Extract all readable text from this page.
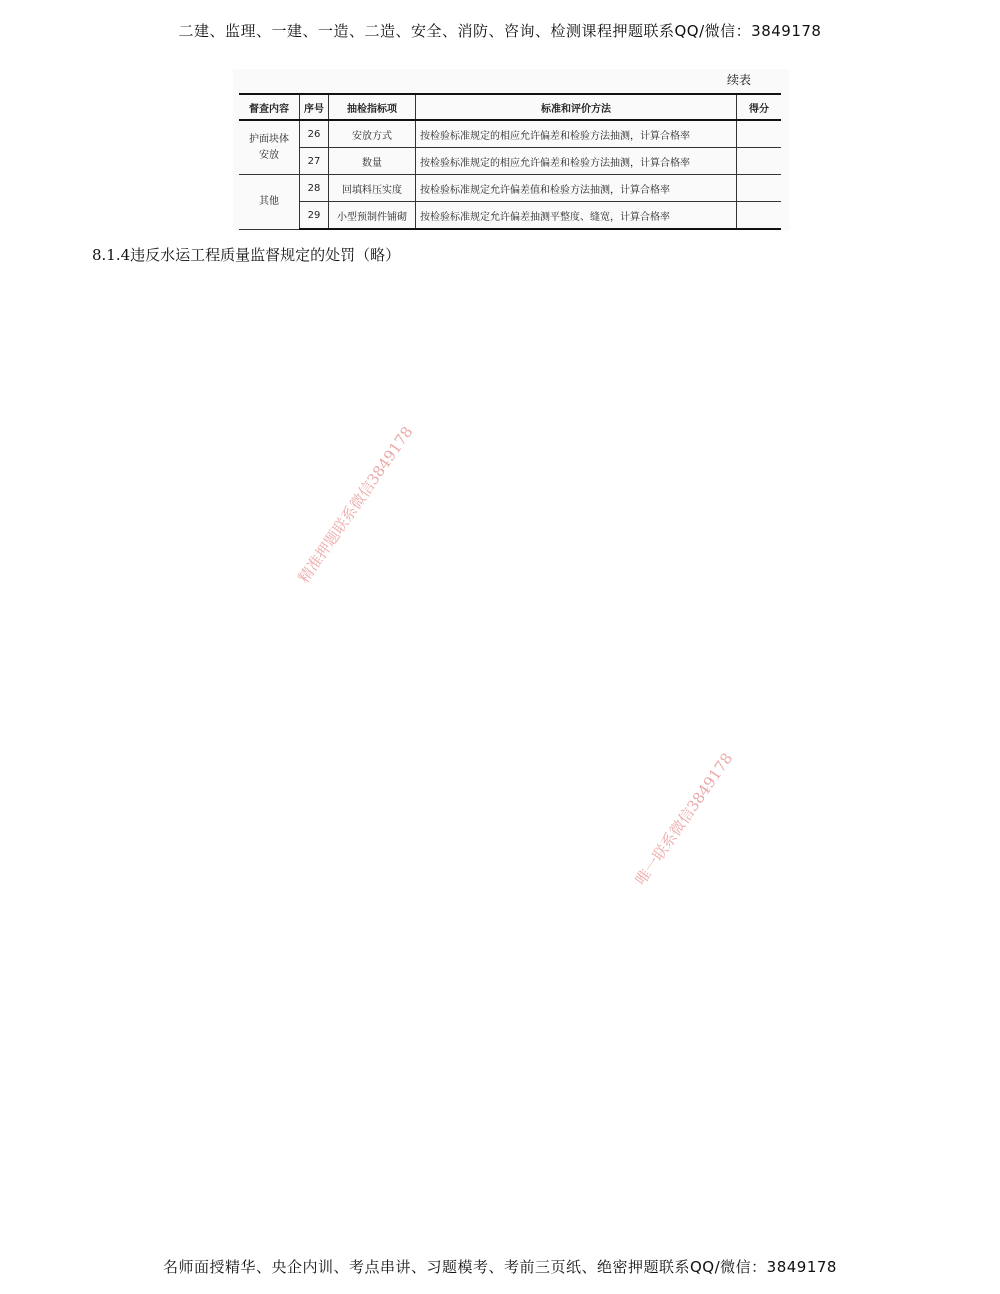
二建、监理、一建、一造、二造、安全、消防、咨询、检测课程押题联系QQ/微信：3849178
续表
督查内容	序号	抽检指标项	标准和评价方法	得分
护面块体安放	26	安放方式	按检验标准规定的相应允许偏差和检验方法抽测，计算合格率	
	27	数量	按检验标准规定的相应允许偏差和检验方法抽测，计算合格率	
其他	28	回填料压实度	按检验标准规定允许偏差值和检验方法抽测，计算合格率	
	29	小型预制件铺砌	按检验标准规定允许偏差抽测平整度、缝宽，计算合格率	
8.1.4违反水运工程质量监督规定的处罚（略）
精准押题联系微信3849178
唯一联系微信3849178
名师面授精华、央企内训、考点串讲、习题模考、考前三页纸、绝密押题联系QQ/微信：3849178
